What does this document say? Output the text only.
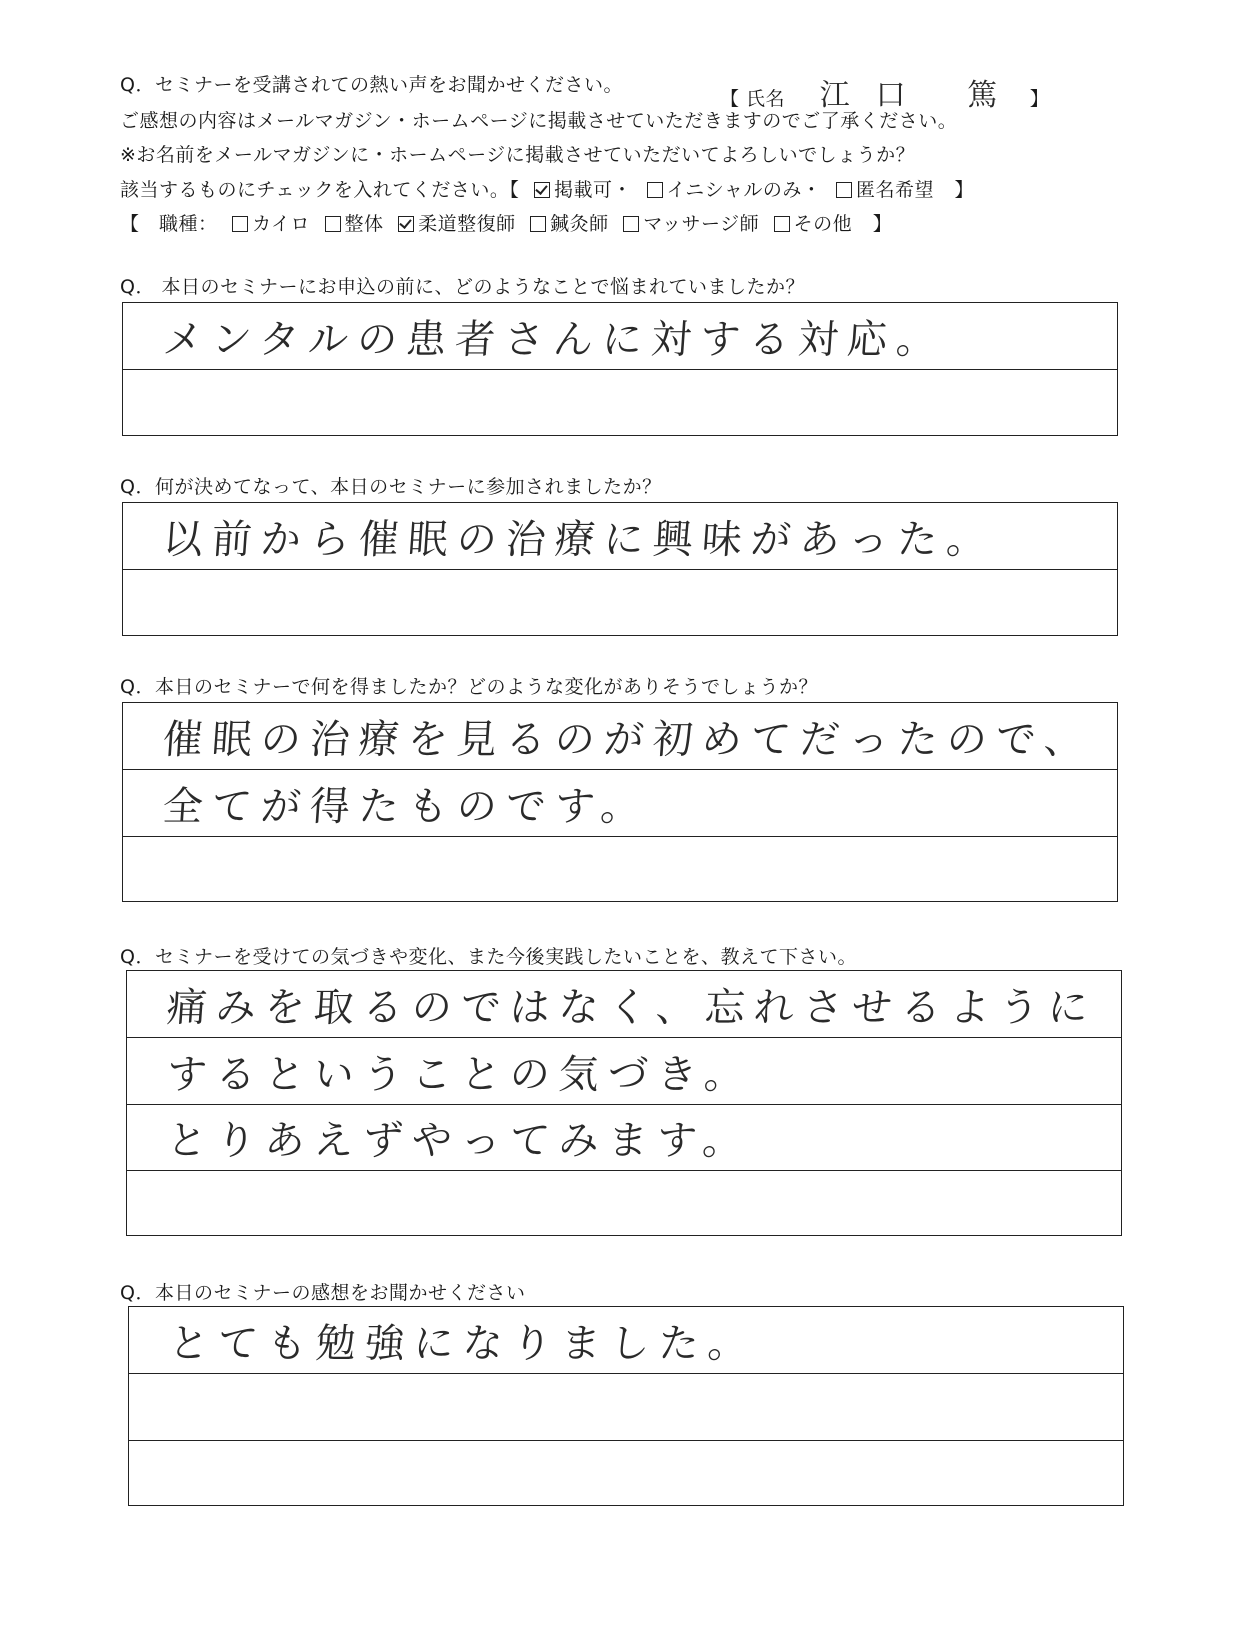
Q．セミナーを受講されての熱い声をお聞かせください。
【 氏名 江口 篤 】
ご感想の内容はメールマガジン・ホームページに掲載させていただきますのでご了承ください。
※お名前をメールマガジンに・ホームページに掲載させていただいてよろしいでしょうか？
該当するものにチェックを入れてください。【 掲載可・ イニシャルのみ・ 匿名希望 】
【　職種： カイロ 整体 柔道整復師 鍼灸師 マッサージ師 その他 】
Q． 本日のセミナーにお申込の前に、どのようなことで悩まれていましたか？
メンタルの患者さんに対する対応。
Q．何が決めてなって、本日のセミナーに参加されましたか？
以前から催眠の治療に興味があった。
Q．本日のセミナーで何を得ましたか？どのような変化がありそうでしょうか？
催眠の治療を見るのが初めてだったので、
全てが得たものです。
Q．セミナーを受けての気づきや変化、また今後実践したいことを、教えて下さい。
痛みを取るのではなく、忘れさせるように
するということの気づき。
とりあえずやってみます。
Q．本日のセミナーの感想をお聞かせください
とても勉強になりました。
